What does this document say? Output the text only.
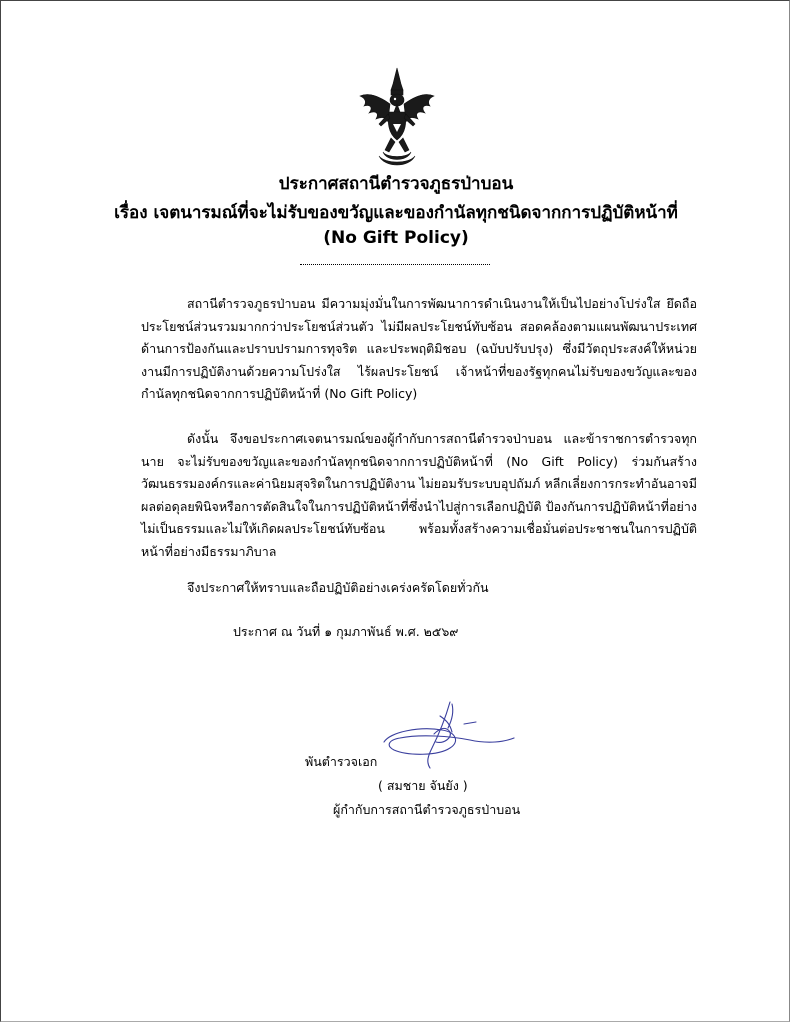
ประกาศสถานีตำรวจภูธรป่าบอน
เรื่อง เจตนารมณ์ที่จะไม่รับของขวัญและของกำนัลทุกชนิดจากการปฏิบัติหน้าที่
(No Gift Policy)
สถานีตำรวจภูธรป่าบอน มีความมุ่งมั่นในการพัฒนาการดำเนินงานให้เป็นไปอย่างโปร่งใส ยึดถือประโยชน์ส่วนรวมมากกว่าประโยชน์ส่วนตัว ไม่มีผลประโยชน์ทับซ้อน สอดคล้องตามแผนพัฒนาประเทศด้านการป้องกันและปราบปรามการทุจริต และประพฤติมิชอบ (ฉบับปรับปรุง) ซึ่งมีวัตถุประสงค์ให้หน่วยงานมีการปฏิบัติงานด้วยความโปร่งใส ไร้ผลประโยชน์ เจ้าหน้าที่ของรัฐทุกคนไม่รับของขวัญและของกำนัลทุกชนิดจากการปฏิบัติหน้าที่ (No Gift Policy)
ดังนั้น จึงขอประกาศเจตนารมณ์ของผู้กำกับการสถานีตำรวจป่าบอน และข้าราชการตำรวจทุกนาย จะไม่รับของขวัญและของกำนัลทุกชนิดจากการปฏิบัติหน้าที่ (No Gift Policy) ร่วมกันสร้างวัฒนธรรมองค์กรและค่านิยมสุจริตในการปฏิบัติงาน ไม่ยอมรับระบบอุปถัมภ์ หลีกเลี่ยงการกระทำอันอาจมีผลต่อดุลยพินิจหรือการตัดสินใจในการปฏิบัติหน้าที่ซึ่งนำไปสู่การเลือกปฏิบัติ ป้องกันการปฏิบัติหน้าที่อย่างไม่เป็นธรรมและไม่ให้เกิดผลประโยชน์ทับซ้อน พร้อมทั้งสร้างความเชื่อมั่นต่อประชาชนในการปฏิบัติหน้าที่อย่างมีธรรมาภิบาล
จึงประกาศให้ทราบและถือปฏิบัติอย่างเคร่งครัดโดยทั่วกัน
ประกาศ ณ วันที่ ๑ กุมภาพันธ์ พ.ศ. ๒๕๖๙
พันตำรวจเอก
( สมชาย จันยัง )
ผู้กำกับการสถานีตำรวจภูธรป่าบอน
